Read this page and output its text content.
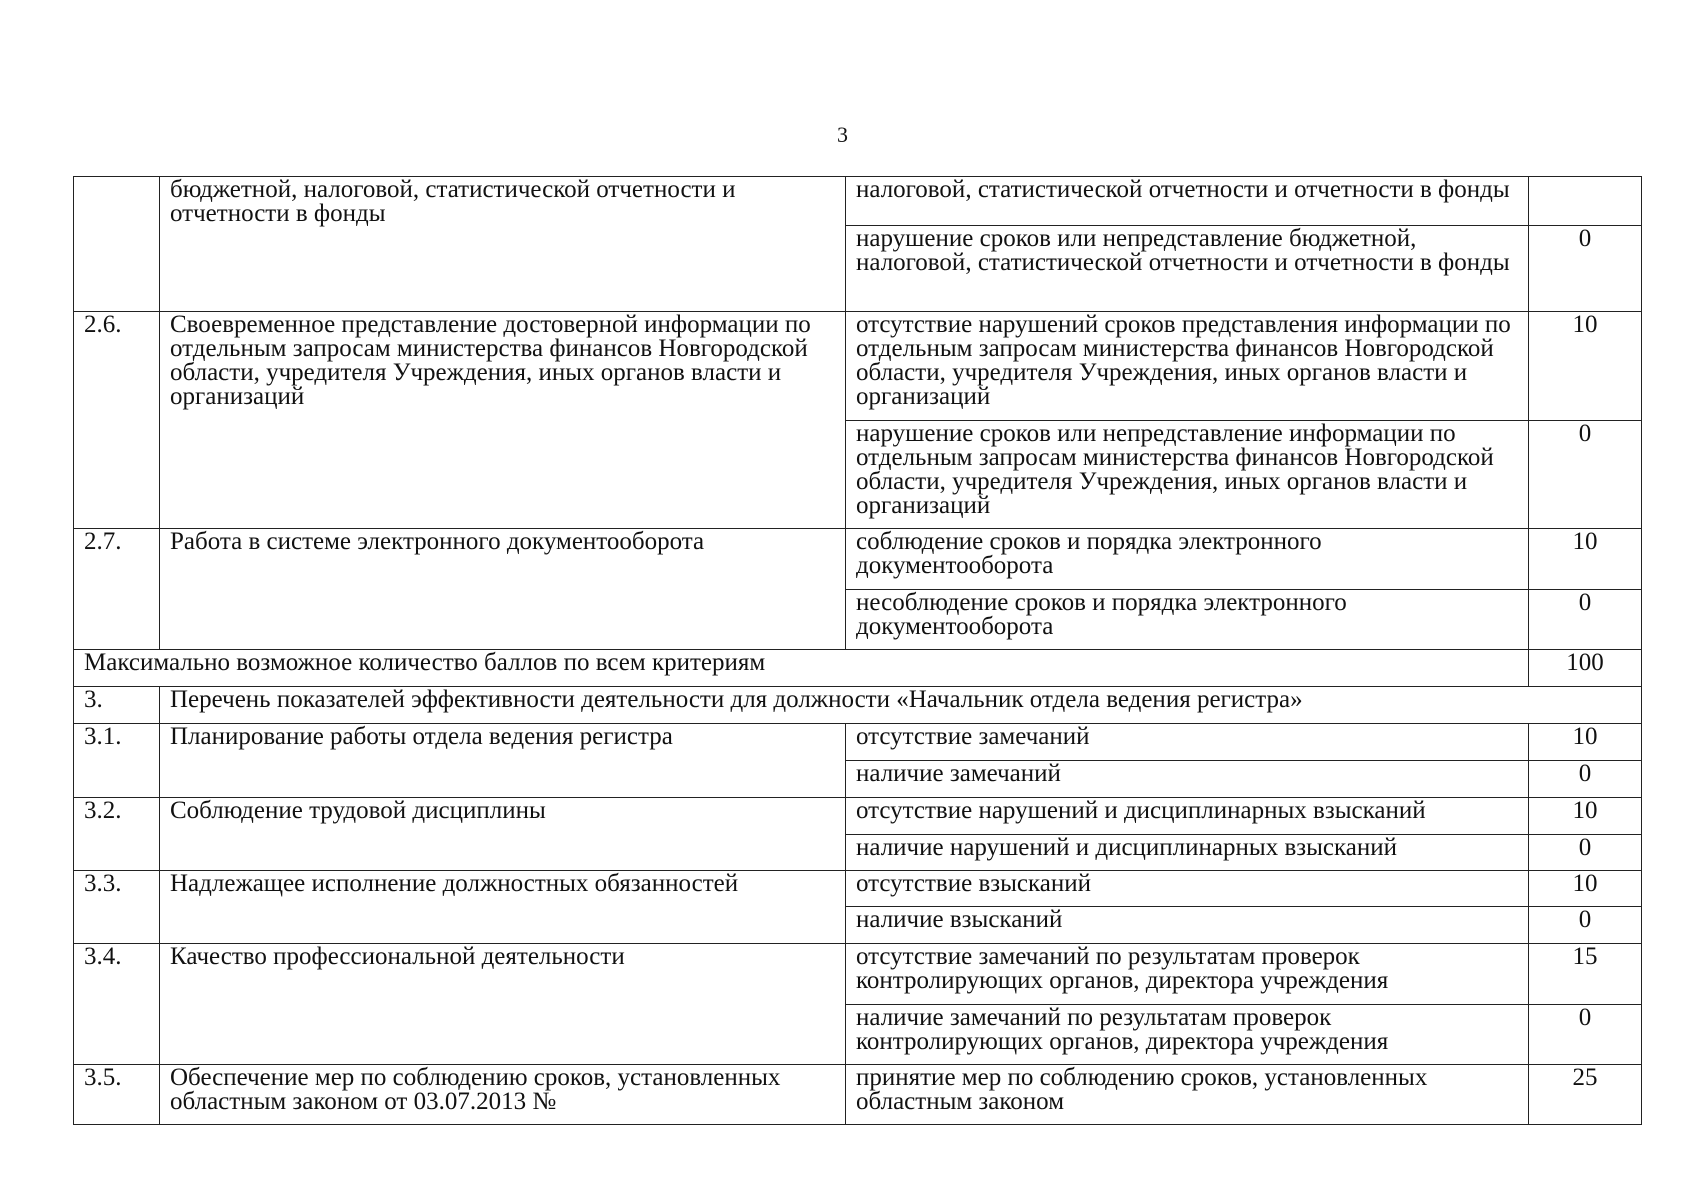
3
	бюджетной, налоговой, статистической отчетности и отчетности в фонды	налоговой, статистической отчетности и отчетности в фонды	
		нарушение сроков или непредставление бюджетной, налоговой, статистической отчетности и отчетности в фонды	0
2.6.	Своевременное представление достоверной информации по отдельным запросам министерства финансов Новгородской области, учредителя Учреждения, иных органов власти и организаций	отсутствие нарушений сроков представления информации по отдельным запросам министерства финансов Новгородской области, учредителя Учреждения, иных органов власти и организаций	10
		нарушение сроков или непредставление информации по отдельным запросам министерства финансов Новгородской области, учредителя Учреждения, иных органов власти и организаций	0
2.7.	Работа в системе электронного документооборота	соблюдение сроков и порядка электронного документооборота	10
		несоблюдение сроков и порядка электронного документооборота	0
Максимально возможное количество баллов по всем критериям			100
3.	Перечень показателей эффективности деятельности для должности «Начальник отдела ведения регистра»		
3.1.	Планирование работы отдела ведения регистра	отсутствие замечаний	10
		наличие замечаний	0
3.2.	Соблюдение трудовой дисциплины	отсутствие нарушений и дисциплинарных взысканий	10
		наличие нарушений и дисциплинарных взысканий	0
3.3.	Надлежащее исполнение должностных обязанностей	отсутствие взысканий	10
		наличие взысканий	0
3.4.	Качество профессиональной деятельности	отсутствие замечаний по результатам проверок контролирующих органов, директора учреждения	15
		наличие замечаний по результатам проверок контролирующих органов, директора учреждения	0
3.5.	Обеспечение мер по соблюдению сроков, установленных областным законом от 03.07.2013 №	принятие мер по соблюдению сроков, установленных областным законом	25
